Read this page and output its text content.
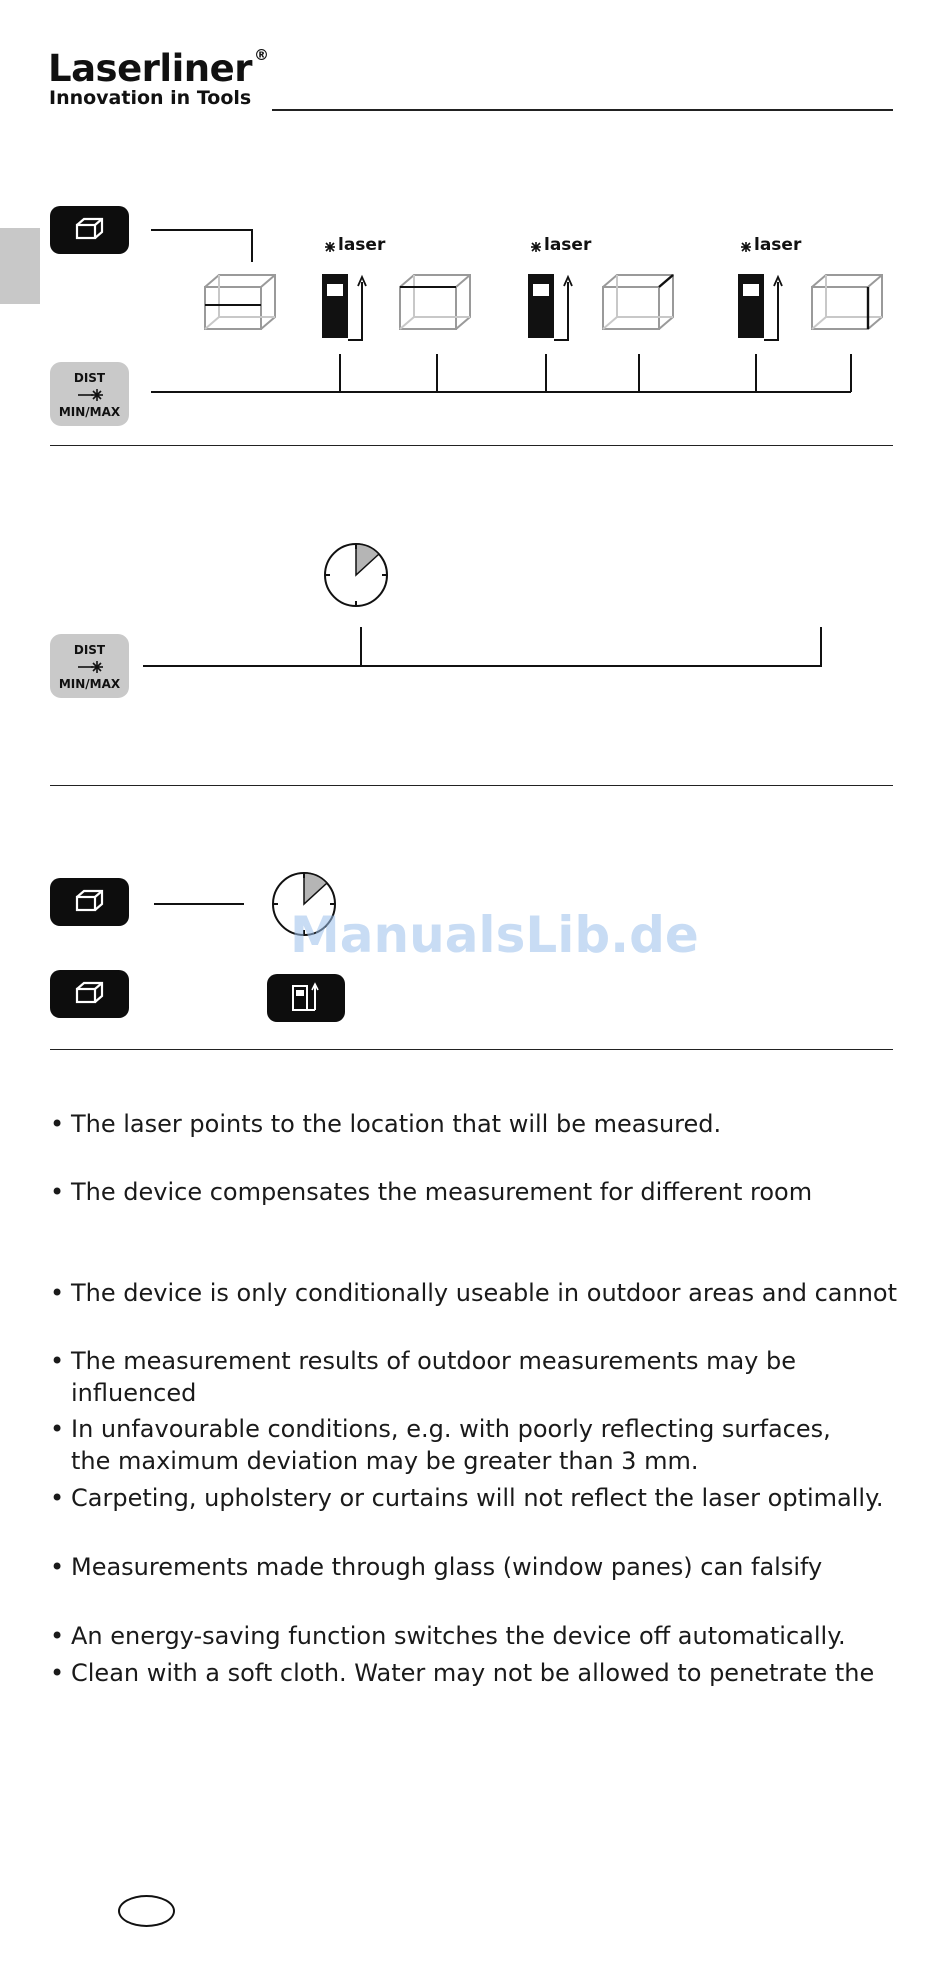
Laserliner ®
Innovation in Tools
DIST
MIN/MAX
laser	laser	laser
DIST
MIN/MAX
ManualsLib.de
• The laser points to the location that will be measured.
• The device compensates the measurement for different room
• The device is only conditionally useable in outdoor areas and cannot
• The measurement results of outdoor measurements may be influenced
• In unfavourable conditions, e.g. with poorly reflecting surfaces, the maximum deviation may be greater than 3 mm.
• Carpeting, upholstery or curtains will not reflect the laser optimally.
• Measurements made through glass (window panes) can falsify
• An energy-saving function switches the device off automatically.
• Clean with a soft cloth. Water may not be allowed to penetrate the
